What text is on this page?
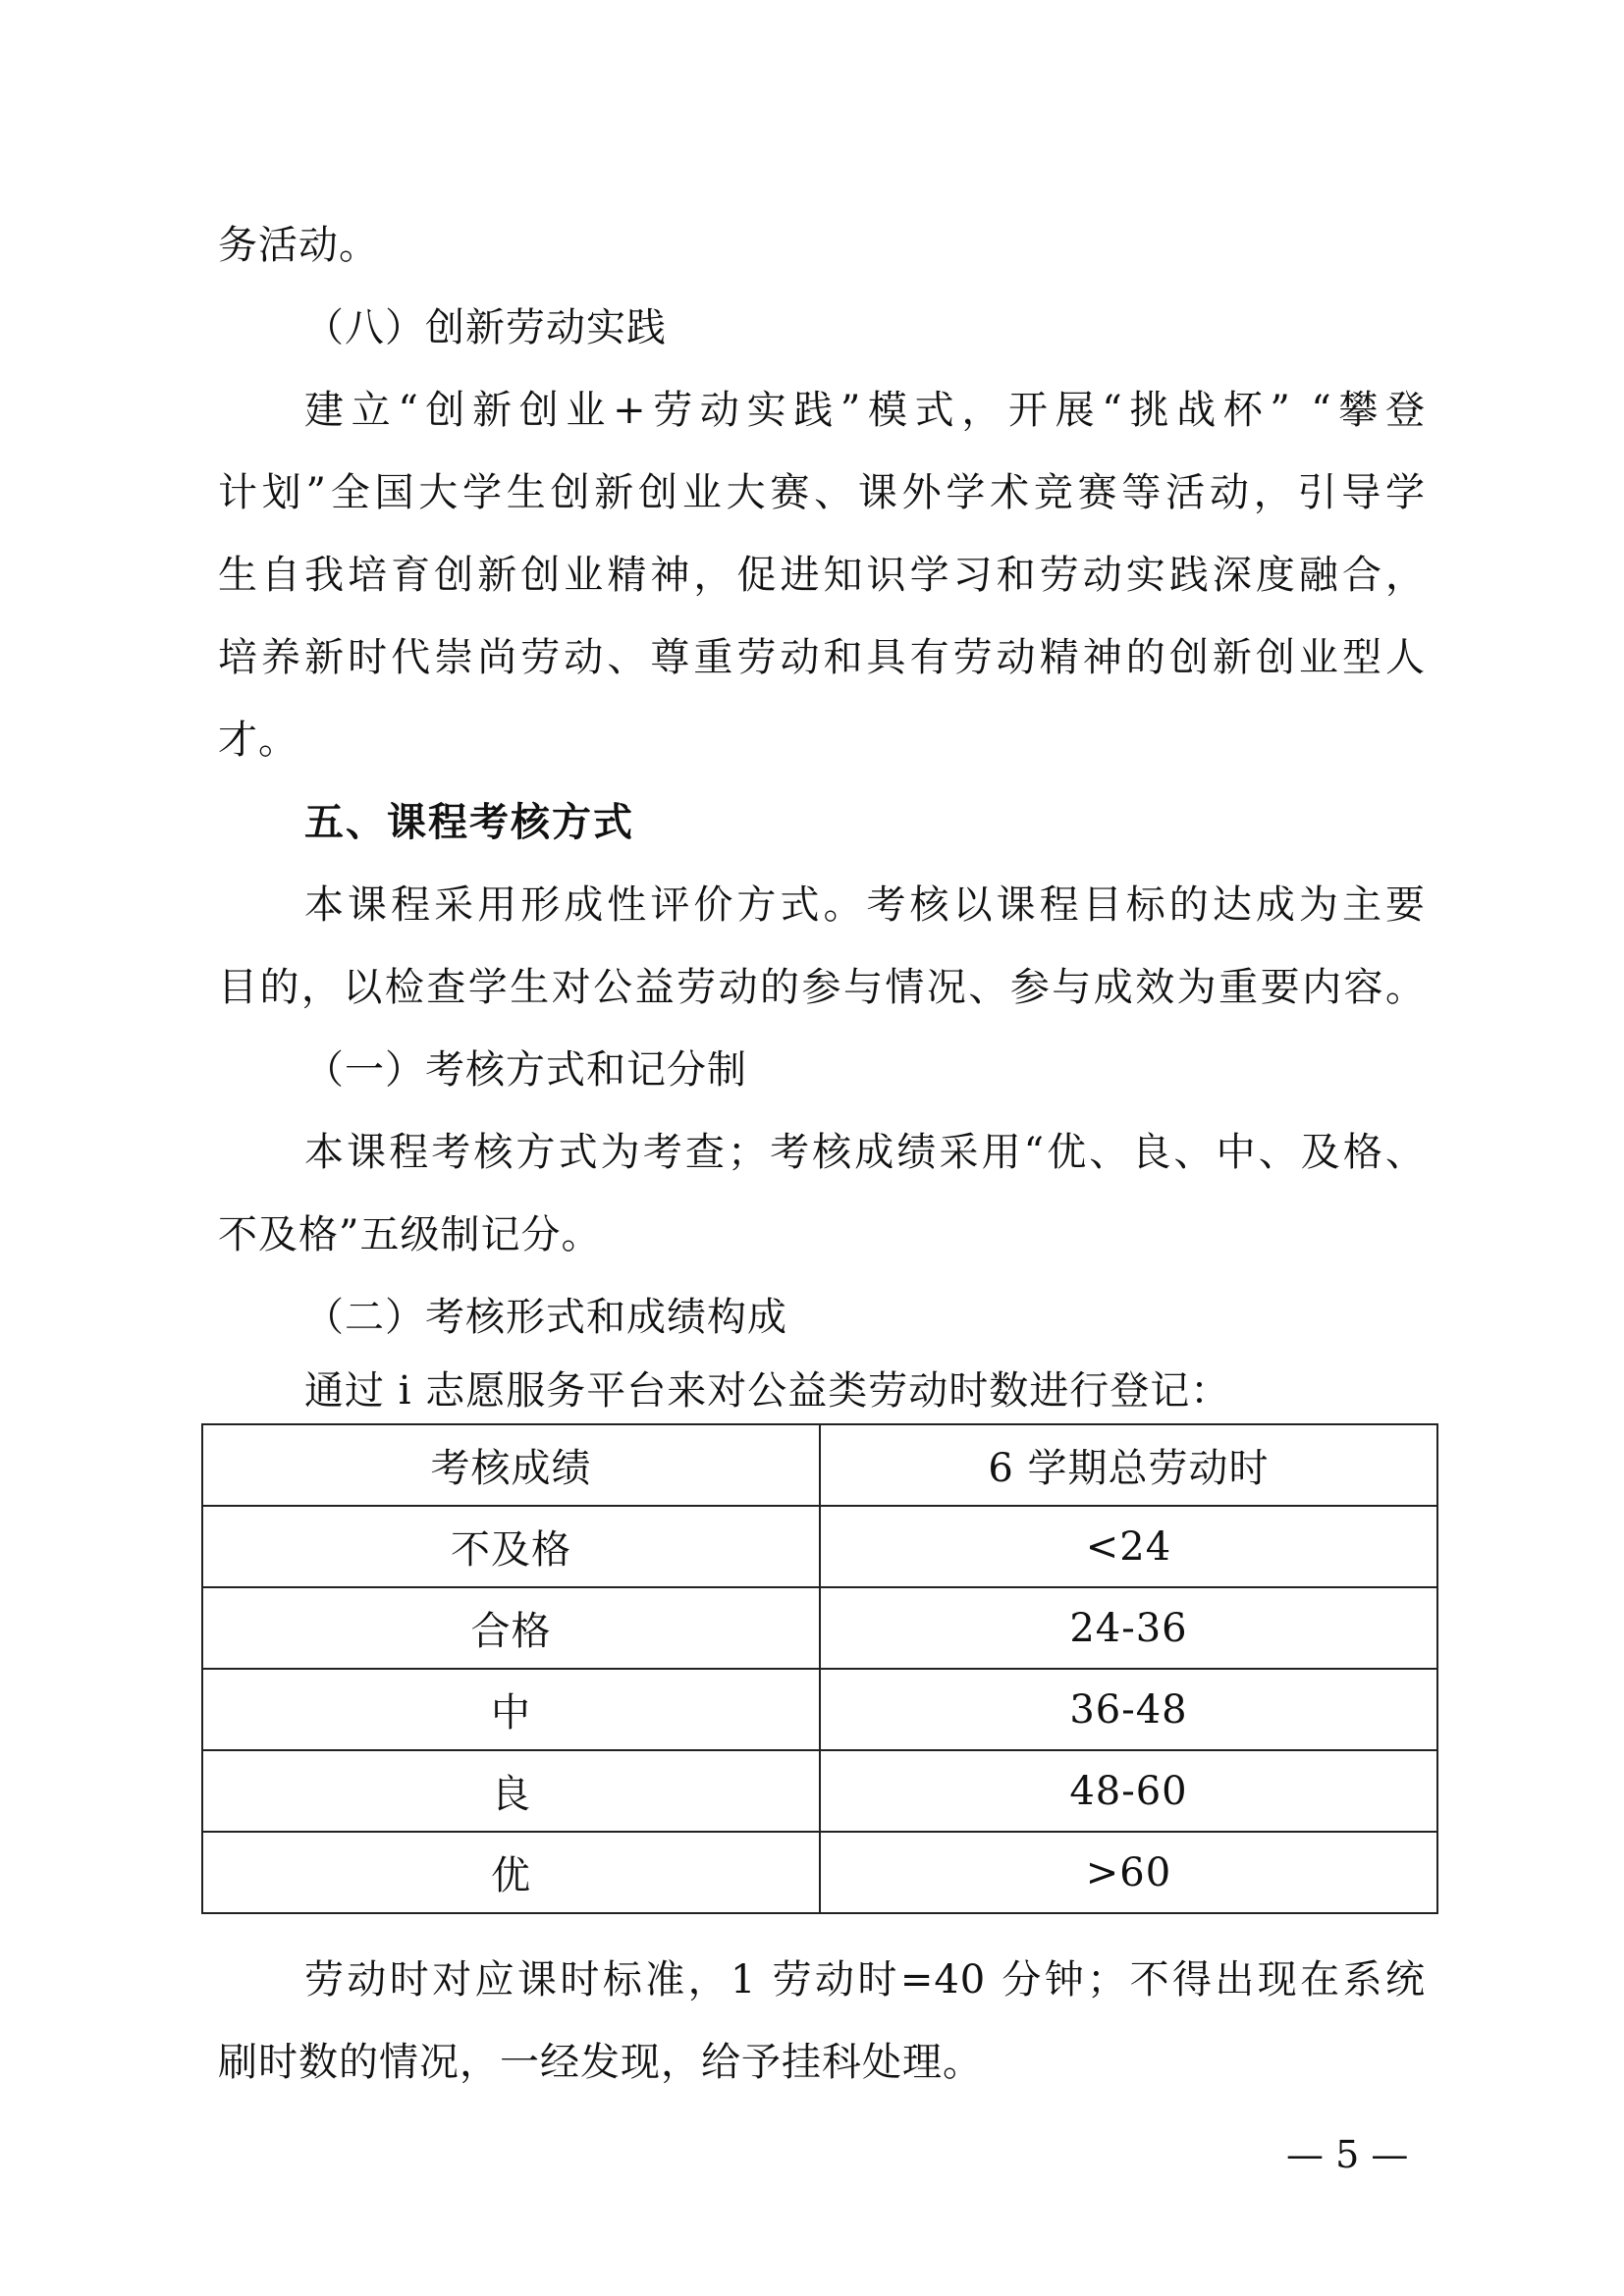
务活动。
（八）创新劳动实践
建立“创新创业+劳动实践”模式，开展“挑战杯” “攀登
计划”全国大学生创新创业大赛、课外学术竞赛等活动，引导学
生自我培育创新创业精神，促进知识学习和劳动实践深度融合，
培养新时代崇尚劳动、尊重劳动和具有劳动精神的创新创业型人
才。
五、课程考核方式
本课程采用形成性评价方式。考核以课程目标的达成为主要
目的，以检查学生对公益劳动的参与情况、参与成效为重要内容。
（一）考核方式和记分制
本课程考核方式为考查；考核成绩采用“优、良、中、及格、
不及格”五级制记分。
（二）考核形式和成绩构成
通过 i 志愿服务平台来对公益类劳动时数进行登记：
考核成绩	6 学期总劳动时
不及格	<24
合格	24-36
中	36-48
良	48-60
优	>60
劳动时对应课时标准，1 劳动时=40 分钟；不得出现在系统
刷时数的情况，一经发现，给予挂科处理。
— 5 —
